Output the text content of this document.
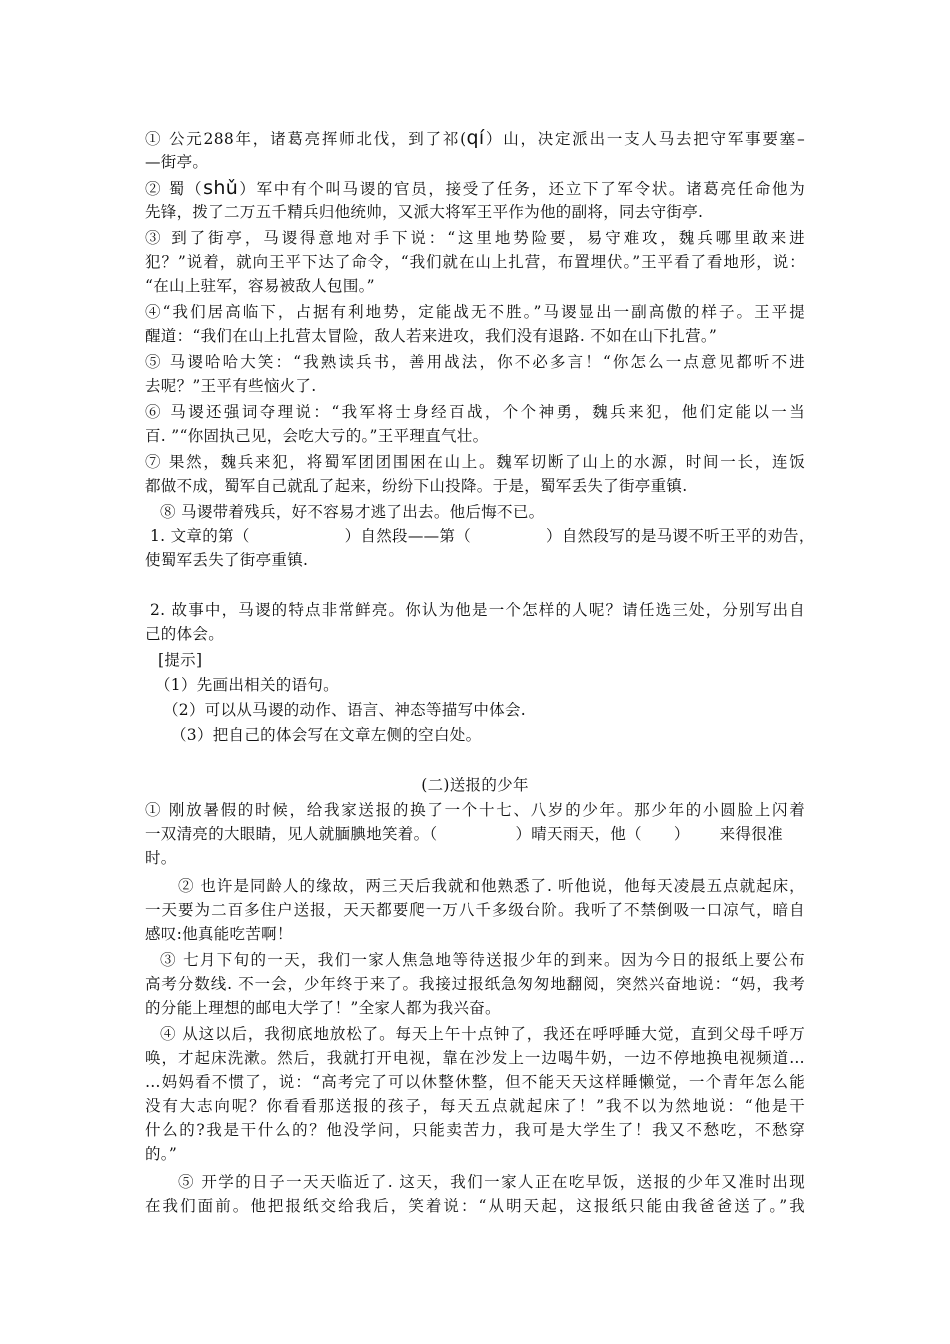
① 公元288年，诸葛亮挥师北伐，到了祁(qí）山，决定派出一支人马去把守军事要塞–
—街亭。
② 蜀（shǔ）军中有个叫马谡的官员，接受了任务，还立下了军令状。诸葛亮任命他为
先锋，拨了二万五千精兵归他统帅，又派大将军王平作为他的副将，同去守街亭.
③ 到了街亭，马谡得意地对手下说：“这里地势险要，易守难攻，魏兵哪里敢来进
犯？”说着，就向王平下达了命令，“我们就在山上扎营，布置埋伏。”王平看了看地形，说：
“在山上驻军，容易被敌人包围。”
④“我们居高临下，占据有利地势，定能战无不胜。”马谡显出一副高傲的样子。王平提
醒道：“我们在山上扎营太冒险，敌人若来进攻，我们没有退路. 不如在山下扎营。”
⑤ 马谡哈哈大笑：“我熟读兵书，善用战法，你不必多言！“你怎么一点意见都听不进
去呢？”王平有些恼火了.
⑥ 马谡还强词夺理说：“我军将士身经百战，个个神勇，魏兵来犯，他们定能以一当
百. ”“你固执己见，会吃大亏的。”王平理直气壮。
⑦ 果然，魏兵来犯，将蜀军团团围困在山上。魏军切断了山上的水源，时间一长，连饭
都做不成，蜀军自己就乱了起来，纷纷下山投降。于是，蜀军丢失了街亭重镇.
⑧ 马谡带着残兵，好不容易才逃了出去。他后悔不已。
1. 文章的第（	）自然段——第（	）自然段写的是马谡不听王平的劝告，
使蜀军丢失了街亭重镇.
2. 故事中，马谡的特点非常鲜亮。你认为他是一个怎样的人呢？请任选三处，分别写出自
己的体会。
[提示]
（1）先画出相关的语句。
（2）可以从马谡的动作、语言、神态等描写中体会.
（3）把自己的体会写在文章左侧的空白处。
(二)送报的少年
① 刚放暑假的时候，给我家送报的换了一个十七、八岁的少年。那少年的小圆脸上闪着
一双清亮的大眼睛，见人就腼腆地笑着。（	）晴天雨天，他（ ） 来得很准
时。
② 也许是同龄人的缘故，两三天后我就和他熟悉了. 听他说，他每天凌晨五点就起床，
一天要为二百多住户送报，天天都要爬一万八千多级台阶。我听了不禁倒吸一口凉气，暗自
感叹:他真能吃苦啊！
③ 七月下旬的一天，我们一家人焦急地等待送报少年的到来。因为今日的报纸上要公布
高考分数线. 不一会，少年终于来了。我接过报纸急匆匆地翻阅，突然兴奋地说：“妈，我考
的分能上理想的邮电大学了！”全家人都为我兴奋。
④ 从这以后，我彻底地放松了。每天上午十点钟了，我还在呼呼睡大觉，直到父母千呼万
唤，才起床洗漱。然后，我就打开电视，靠在沙发上一边喝牛奶，一边不停地换电视频道…
…妈妈看不惯了，说：“高考完了可以休整休整，但不能天天这样睡懒觉，一个青年怎么能
没有大志向呢？你看看那送报的孩子，每天五点就起床了！”我不以为然地说：“他是干
什么的?我是干什么的？他没学问，只能卖苦力，我可是大学生了！我又不愁吃，不愁穿
的。”
⑤ 开学的日子一天天临近了. 这天，我们一家人正在吃早饭，送报的少年又准时出现
在我们面前。他把报纸交给我后，笑着说：“从明天起，这报纸只能由我爸爸送了。”我
